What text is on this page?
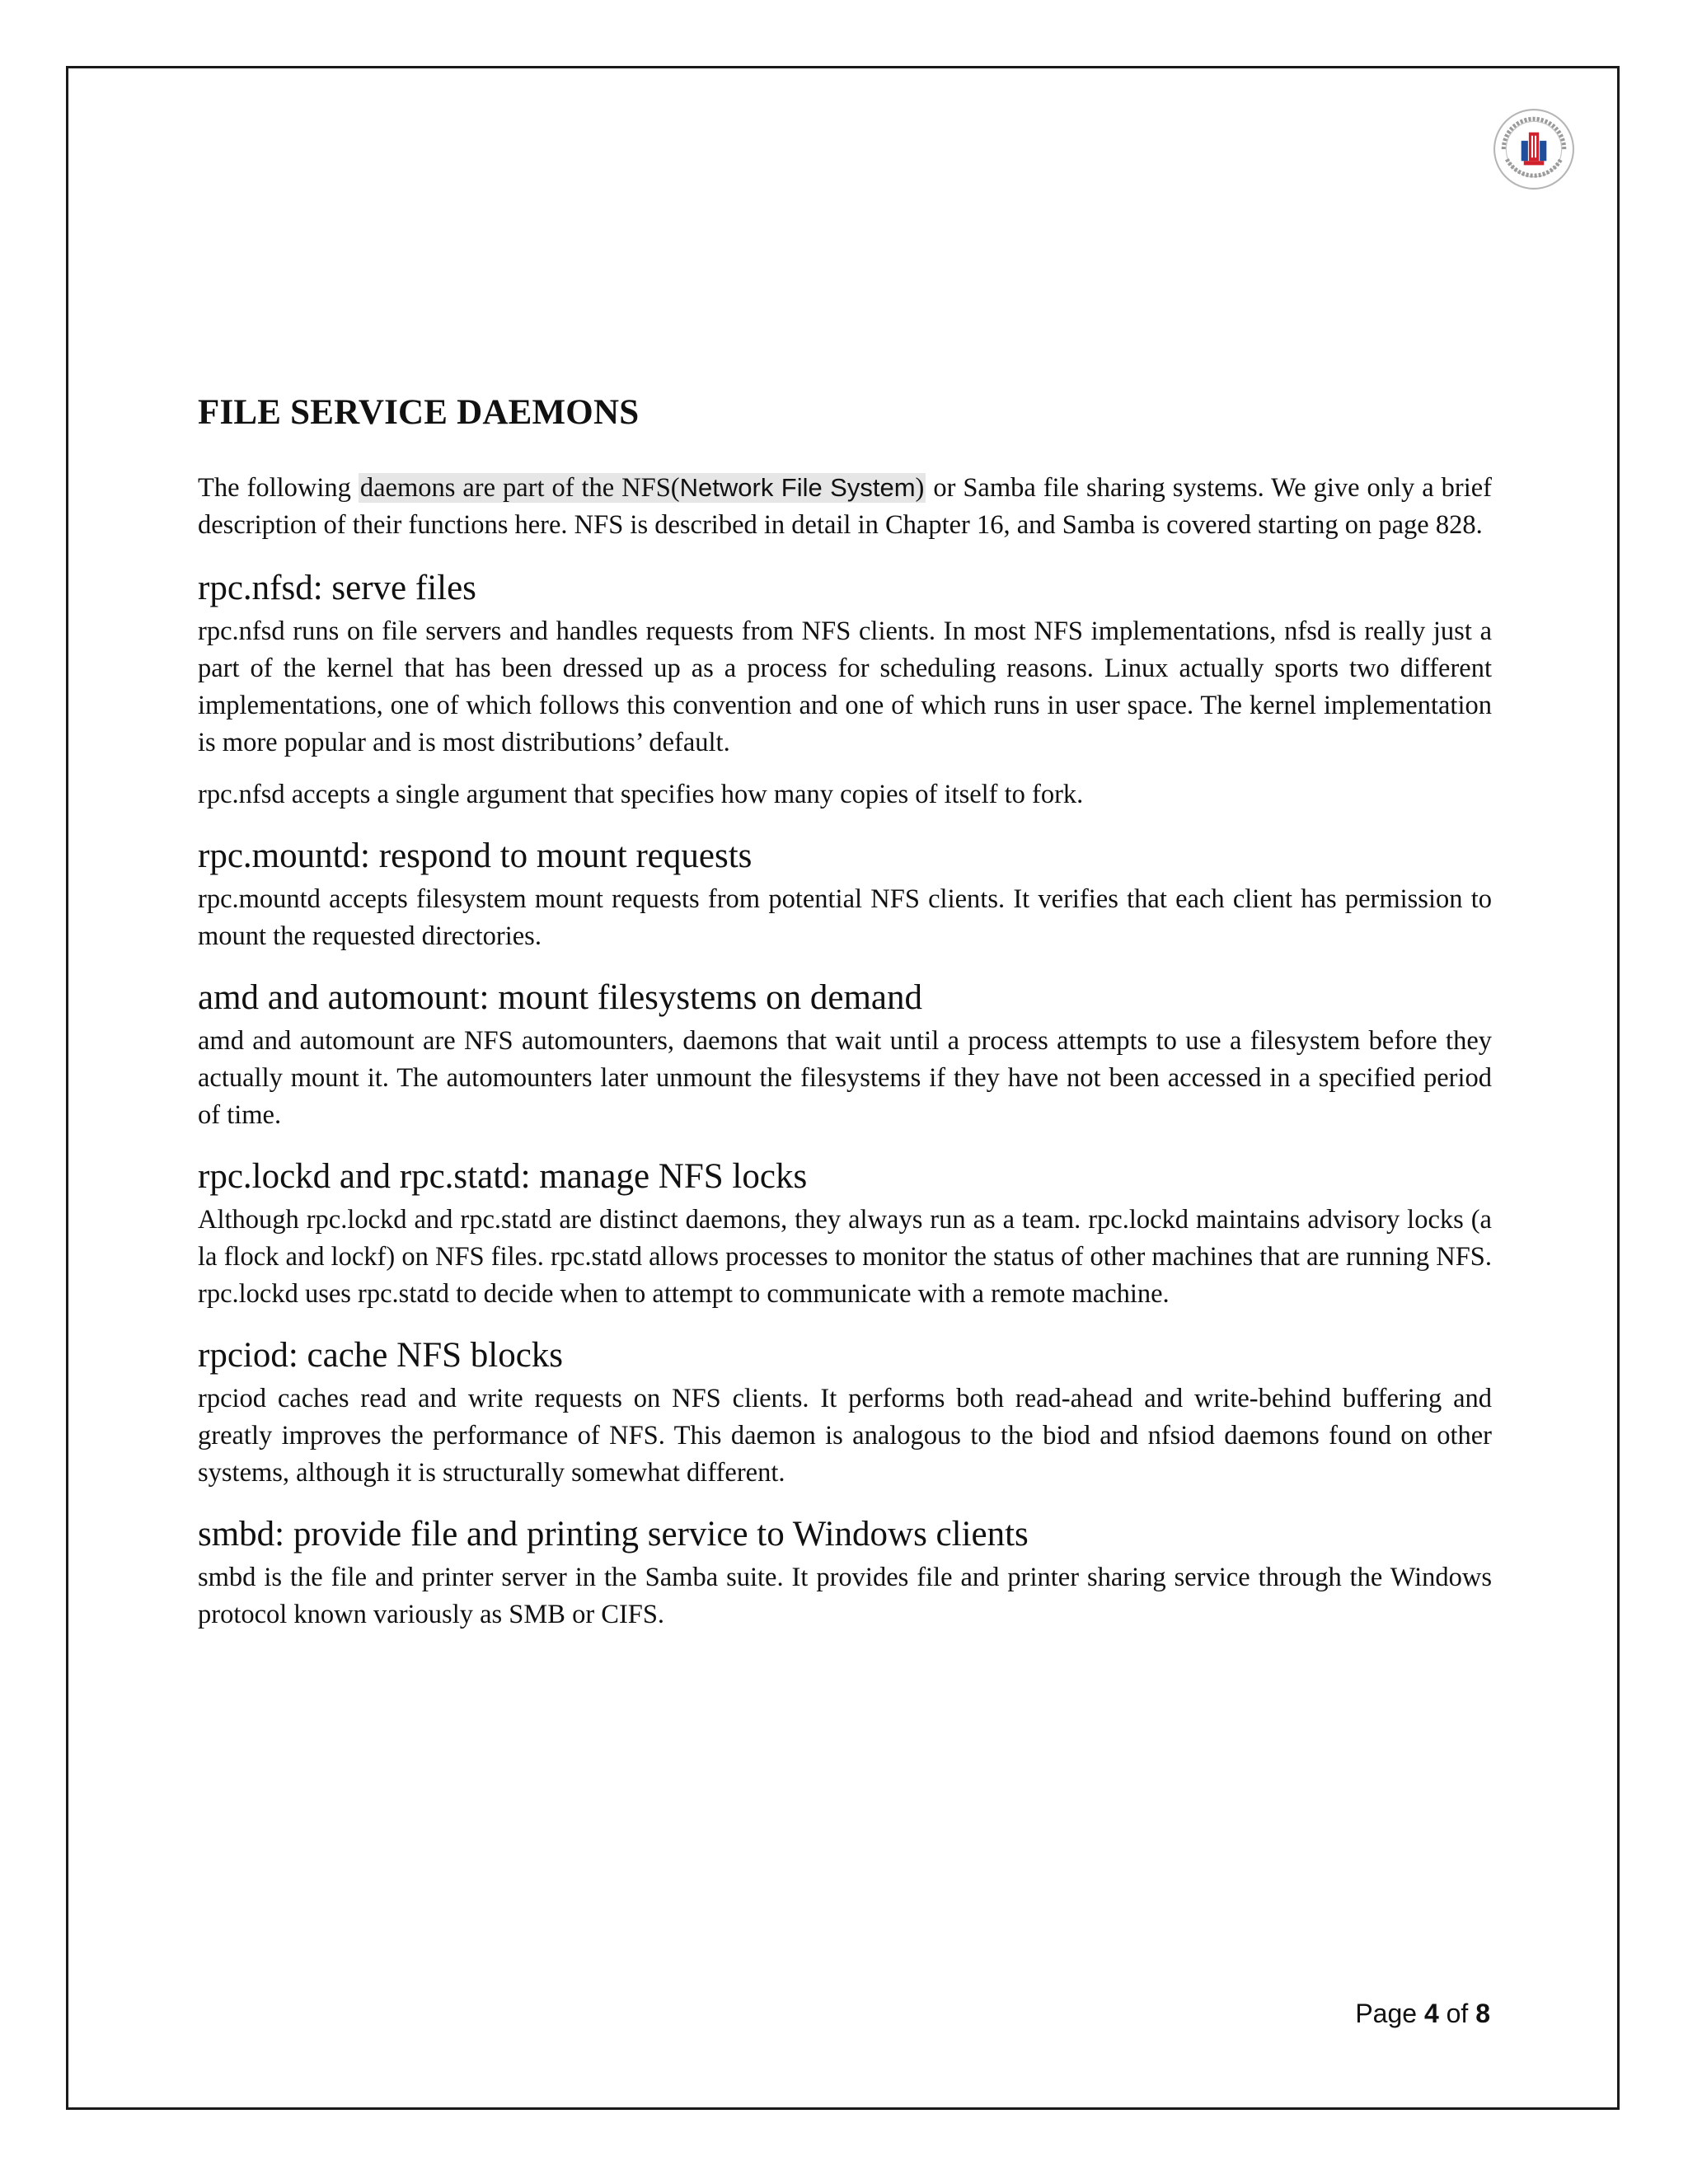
FILE SERVICE DAEMONS

The following daemons are part of the NFS(Network File System) or Samba file sharing systems. We give only a brief description of their functions here. NFS is described in detail in Chapter 16, and Samba is covered starting on page 828.

rpc.nfsd: serve files

rpc.nfsd runs on file servers and handles requests from NFS clients. In most NFS implementations, nfsd is really just a part of the kernel that has been dressed up as a process for scheduling reasons. Linux actually sports two different implementations, one of which follows this convention and one of which runs in user space. The kernel implementation is more popular and is most distributions’ default.

rpc.nfsd accepts a single argument that specifies how many copies of itself to fork.

rpc.mountd: respond to mount requests

rpc.mountd accepts filesystem mount requests from potential NFS clients. It verifies that each client has permission to mount the requested directories.

amd and automount: mount filesystems on demand

amd and automount are NFS automounters, daemons that wait until a process attempts to use a filesystem before they actually mount it. The automounters later unmount the filesystems if they have not been accessed in a specified period of time.

rpc.lockd and rpc.statd: manage NFS locks

Although rpc.lockd and rpc.statd are distinct daemons, they always run as a team. rpc.lockd maintains advisory locks (a la flock and lockf) on NFS files. rpc.statd allows processes to monitor the status of other machines that are running NFS. rpc.lockd uses rpc.statd to decide when to attempt to communicate with a remote machine.

rpciod: cache NFS blocks

rpciod caches read and write requests on NFS clients. It performs both read-ahead and write-behind buffering and greatly improves the performance of NFS. This daemon is analogous to the biod and nfsiod daemons found on other systems, although it is structurally somewhat different.

smbd: provide file and printing service to Windows clients

smbd is the file and printer server in the Samba suite. It provides file and printer sharing service through the Windows protocol known variously as SMB or CIFS.

Page 4 of 8
